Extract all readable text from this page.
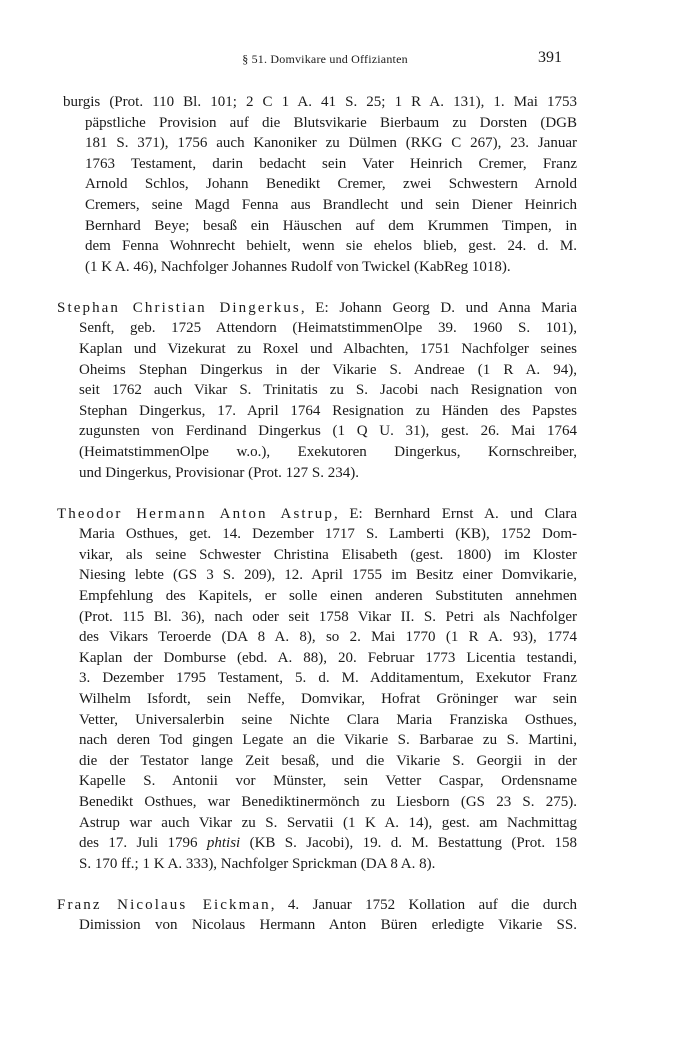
§ 51. Domvikare und Offizianten	391
burgis (Prot. 110 Bl. 101; 2 C 1 A. 41 S. 25; 1 R A. 131), 1. Mai 1753
päpstliche Provision auf die Blutsvikarie Bierbaum zu Dorsten (DGB
181 S. 371), 1756 auch Kanoniker zu Dülmen (RKG C 267), 23. Januar
1763 Testament, darin bedacht sein Vater Heinrich Cremer, Franz
Arnold Schlos, Johann Benedikt Cremer, zwei Schwestern Arnold
Cremers, seine Magd Fenna aus Brandlecht und sein Diener Heinrich
Bernhard Beye; besaß ein Häuschen auf dem Krummen Timpen, in
dem Fenna Wohnrecht behielt, wenn sie ehelos blieb, gest. 24. d. M.
(1 K A. 46), Nachfolger Johannes Rudolf von Twickel (KabReg 1018).
Stephan Christian Dingerkus, E: Johann Georg D. und Anna Maria
Senft, geb. 1725 Attendorn (HeimatstimmenOlpe 39. 1960 S. 101),
Kaplan und Vizekurat zu Roxel und Albachten, 1751 Nachfolger seines
Oheims Stephan Dingerkus in der Vikarie S. Andreae (1 R A. 94),
seit 1762 auch Vikar S. Trinitatis zu S. Jacobi nach Resignation von
Stephan Dingerkus, 17. April 1764 Resignation zu Händen des Papstes
zugunsten von Ferdinand Dingerkus (1 Q U. 31), gest. 26. Mai 1764
(HeimatstimmenOlpe w.o.), Exekutoren Dingerkus, Kornschreiber,
und Dingerkus, Provisionar (Prot. 127 S. 234).
Theodor Hermann Anton Astrup, E: Bernhard Ernst A. und Clara
Maria Osthues, get. 14. Dezember 1717 S. Lamberti (KB), 1752 Dom-
vikar, als seine Schwester Christina Elisabeth (gest. 1800) im Kloster
Niesing lebte (GS 3 S. 209), 12. April 1755 im Besitz einer Domvikarie,
Empfehlung des Kapitels, er solle einen anderen Substituten annehmen
(Prot. 115 Bl. 36), nach oder seit 1758 Vikar II. S. Petri als Nachfolger
des Vikars Teroerde (DA 8 A. 8), so 2. Mai 1770 (1 R A. 93), 1774
Kaplan der Domburse (ebd. A. 88), 20. Februar 1773 Licentia testandi,
3. Dezember 1795 Testament, 5. d. M. Additamentum, Exekutor Franz
Wilhelm Isfordt, sein Neffe, Domvikar, Hofrat Gröninger war sein
Vetter, Universalerbin seine Nichte Clara Maria Franziska Osthues,
nach deren Tod gingen Legate an die Vikarie S. Barbarae zu S. Martini,
die der Testator lange Zeit besaß, und die Vikarie S. Georgii in der
Kapelle S. Antonii vor Münster, sein Vetter Caspar, Ordensname
Benedikt Osthues, war Benediktinermönch zu Liesborn (GS 23 S. 275).
Astrup war auch Vikar zu S. Servatii (1 K A. 14), gest. am Nachmittag
des 17. Juli 1796 phtisi (KB S. Jacobi), 19. d. M. Bestattung (Prot. 158
S. 170 ff.; 1 K A. 333), Nachfolger Sprickman (DA 8 A. 8).
Franz Nicolaus Eickman, 4. Januar 1752 Kollation auf die durch
Dimission von Nicolaus Hermann Anton Büren erledigte Vikarie SS.
